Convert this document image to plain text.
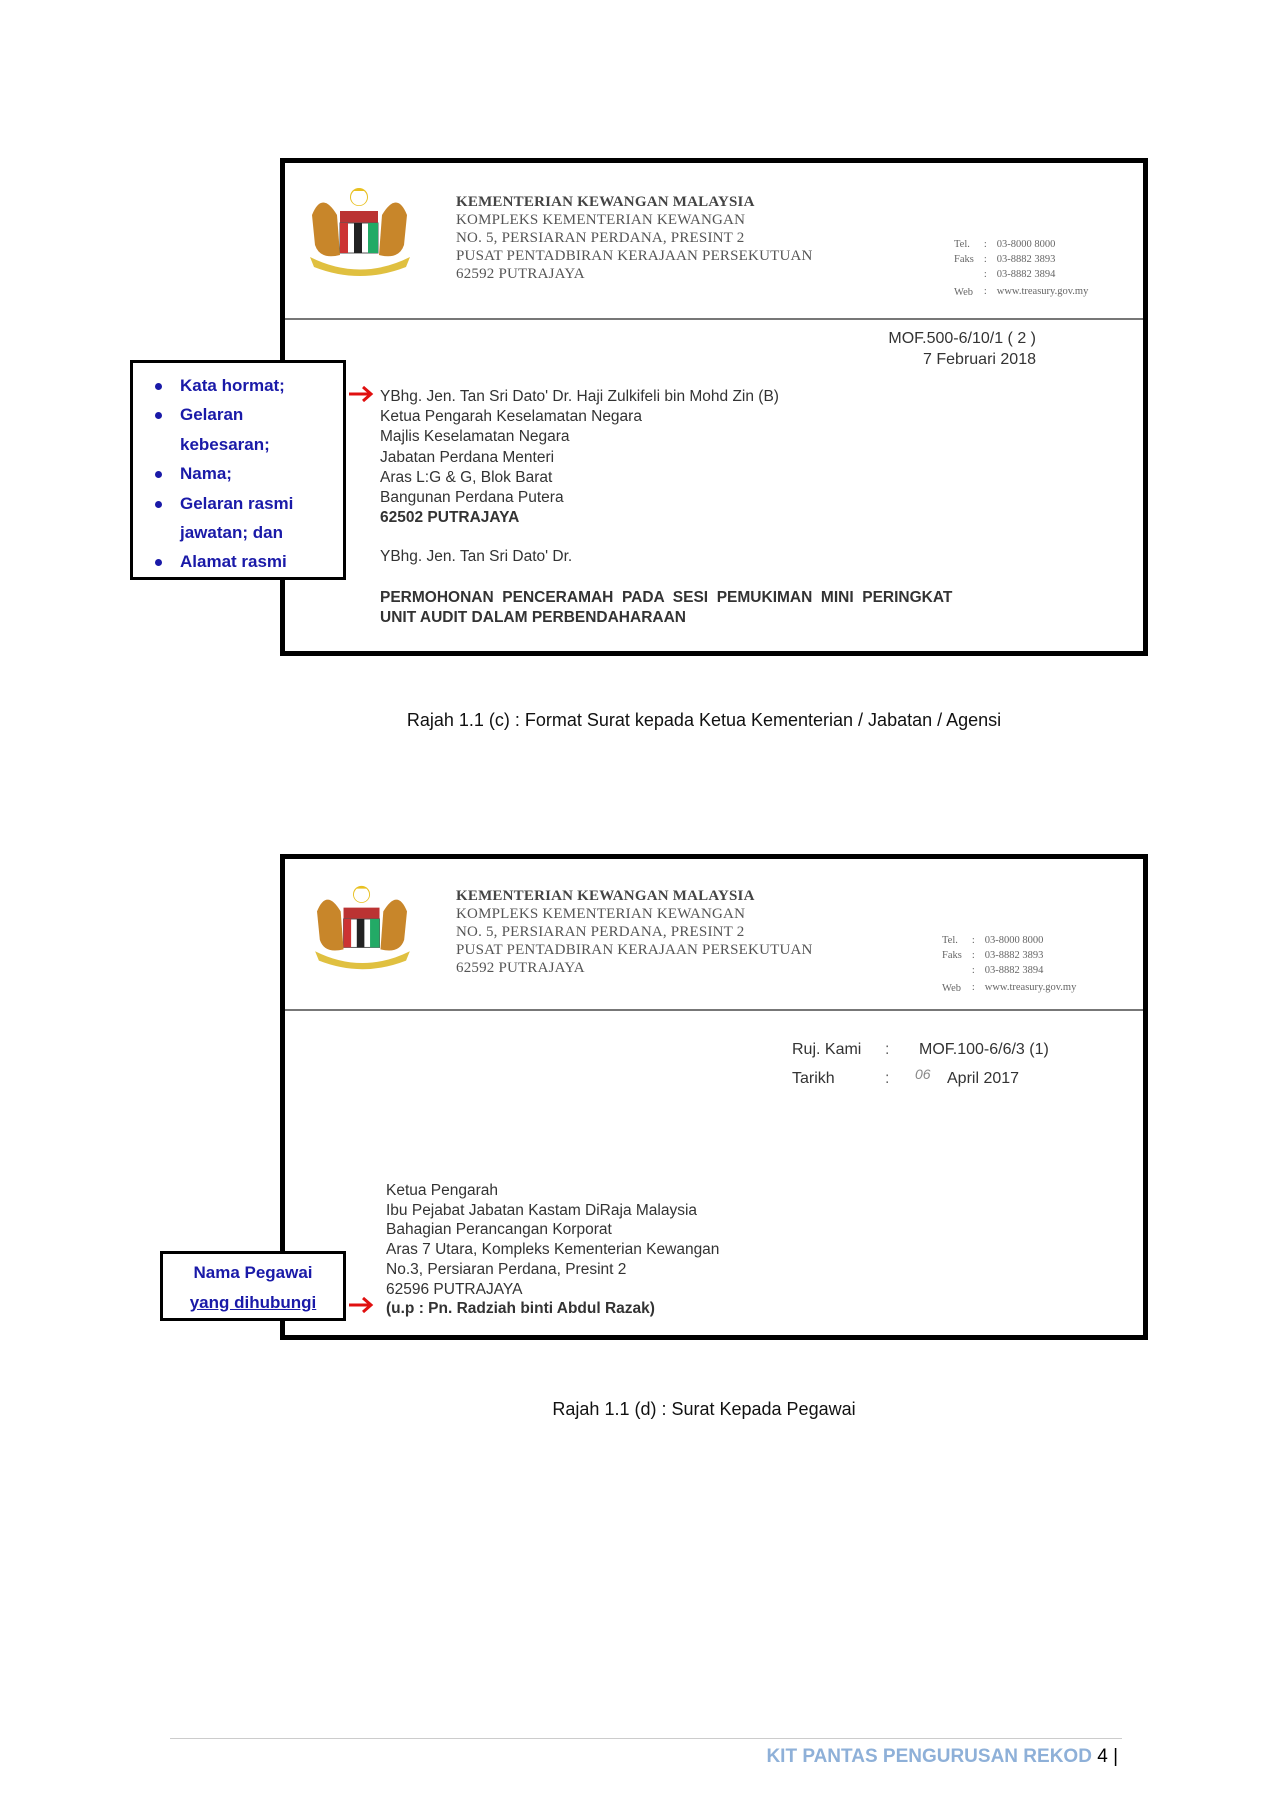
KEMENTERIAN KEWANGAN MALAYSIA
KOMPLEKS KEMENTERIAN KEWANGAN
NO. 5, PERSIARAN PERDANA, PRESINT 2
PUSAT PENTADBIRAN KERAJAAN PERSEKUTUAN
62592 PUTRAJAYA
Tel.	:	03-8000 8000
Faks	:	03-8882 3893
	:	03-8882 3894
Web	:	www.treasury.gov.my
MOF.500-6/10/1 ( 2 )
7 Februari 2018
YBhg. Jen. Tan Sri Dato' Dr. Haji Zulkifeli bin Mohd Zin (B)
Ketua Pengarah Keselamatan Negara
Majlis Keselamatan Negara
Jabatan Perdana Menteri
Aras L:G & G, Blok Barat
Bangunan Perdana Putera
62502 PUTRAJAYA
YBhg. Jen. Tan Sri Dato' Dr.
PERMOHONAN  PENCERAMAH  PADA  SESI  PEMUKIMAN  MINI  PERINGKAT
UNIT AUDIT DALAM PERBENDAHARAAN
Kata hormat;
Gelaran
kebesaran;
Nama;
Gelaran rasmi
jawatan; dan
Alamat rasmi
Rajah 1.1 (c) : Format Surat kepada Ketua Kementerian / Jabatan / Agensi
KEMENTERIAN KEWANGAN MALAYSIA
KOMPLEKS KEMENTERIAN KEWANGAN
NO. 5, PERSIARAN PERDANA, PRESINT 2
PUSAT PENTADBIRAN KERAJAAN PERSEKUTUAN
62592 PUTRAJAYA
Tel.	:	03-8000 8000
Faks	:	03-8882 3893
	:	03-8882 3894
Web	:	www.treasury.gov.my
Ruj. Kami : MOF.100-6/6/3 (1)
Tarikh	: 06 April 2017
Ketua Pengarah
Ibu Pejabat Jabatan Kastam DiRaja Malaysia
Bahagian Perancangan Korporat
Aras 7 Utara, Kompleks Kementerian Kewangan
No.3, Persiaran Perdana, Presint 2
62596 PUTRAJAYA
(u.p : Pn. Radziah binti Abdul Razak)
Nama Pegawai
yang dihubungi
Rajah 1.1 (d) : Surat Kepada Pegawai
KIT PANTAS PENGURUSAN REKOD 4 |
